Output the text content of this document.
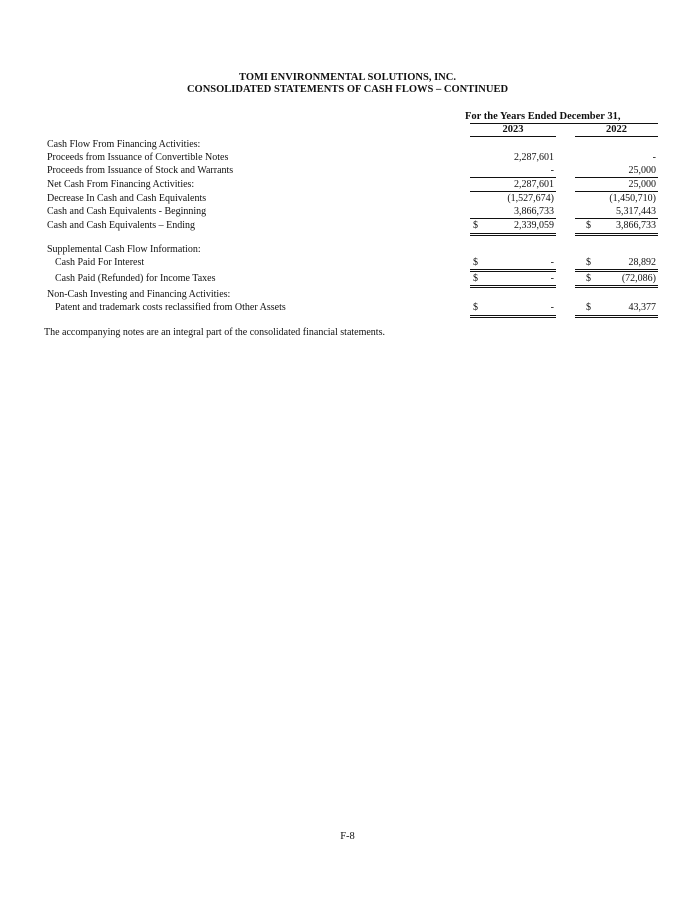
TOMI ENVIRONMENTAL SOLUTIONS, INC.
CONSOLIDATED STATEMENTS OF CASH FLOWS – CONTINUED
For the Years Ended December 31,
2023	2022
Cash Flow From Financing Activities:
Proceeds from Issuance of Convertible Notes	2,287,601	-
Proceeds from Issuance of Stock and Warrants	-	25,000
Net Cash From Financing Activities:	2,287,601	25,000
Decrease In Cash and Cash Equivalents	(1,527,674)	(1,450,710)
Cash and Cash Equivalents - Beginning	3,866,733	5,317,443
Cash and Cash Equivalents – Ending	$	2,339,059	$	3,866,733
Supplemental Cash Flow Information:
Cash Paid For Interest	$	-	$	28,892
Cash Paid (Refunded) for Income Taxes	$	-	$	(72,086)
Non-Cash Investing and Financing Activities:
Patent and trademark costs reclassified from Other Assets	$	-	$	43,377
The accompanying notes are an integral part of the consolidated financial statements.
F-8
